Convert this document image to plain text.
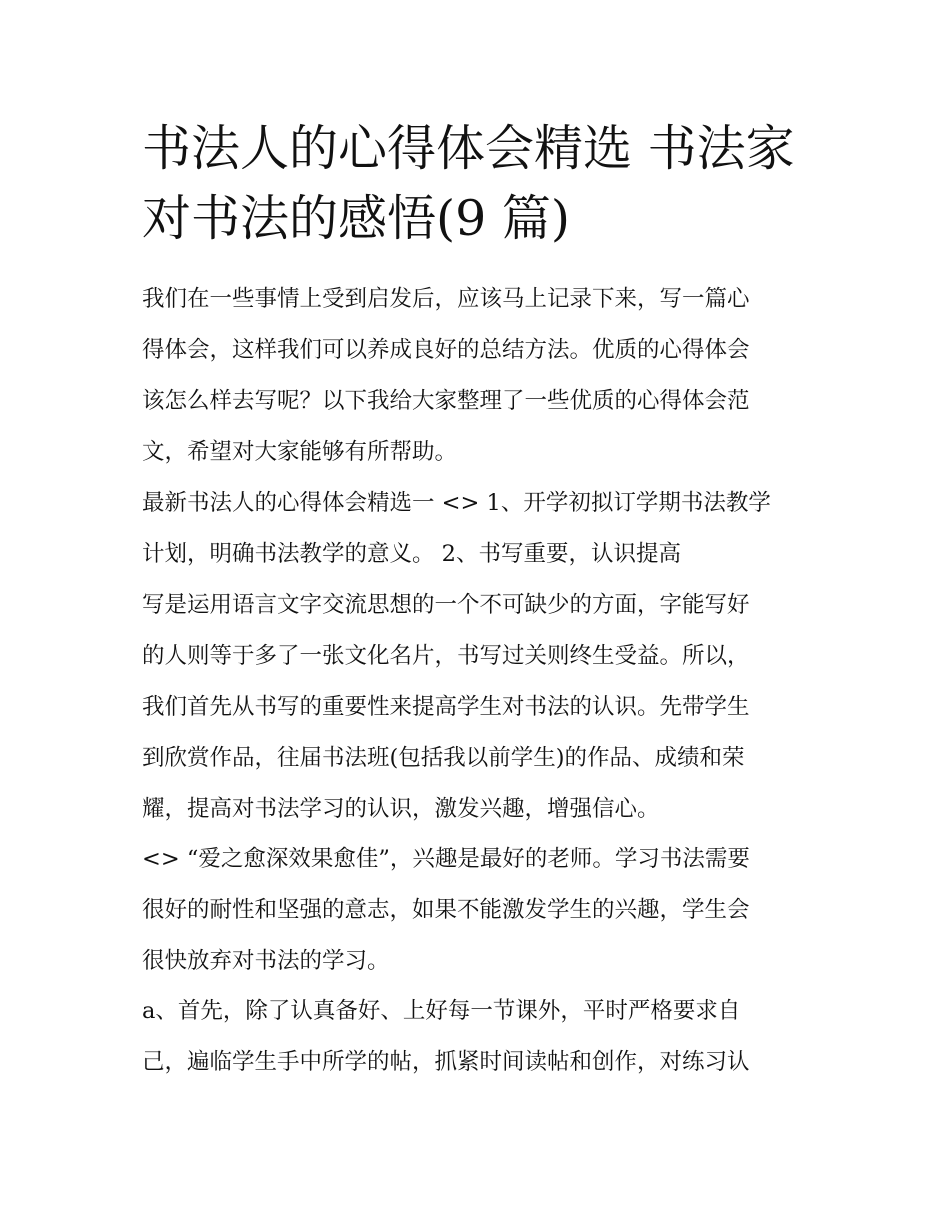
书法人的心得体会精选 书法家
对书法的感悟(9 篇)
我们在一些事情上受到启发后，应该马上记录下来，写一篇心
得体会，这样我们可以养成良好的总结方法。优质的心得体会
该怎么样去写呢？以下我给大家整理了一些优质的心得体会范
文，希望对大家能够有所帮助。
最新书法人的心得体会精选一 <> 1、开学初拟订学期书法教学
计划，明确书法教学的意义。 2、书写重要，认识提高
写是运用语言文字交流思想的一个不可缺少的方面，字能写好
的人则等于多了一张文化名片，书写过关则终生受益。所以，
我们首先从书写的重要性来提高学生对书法的认识。先带学生
到欣赏作品，往届书法班(包括我以前学生)的作品、成绩和荣
耀，提高对书法学习的认识，激发兴趣，增强信心。
<> “爱之愈深效果愈佳”，兴趣是最好的老师。学习书法需要
很好的耐性和坚强的意志，如果不能激发学生的兴趣，学生会
很快放弃对书法的学习。
a、首先，除了认真备好、上好每一节课外，平时严格要求自
己，遍临学生手中所学的帖，抓紧时间读帖和创作，对练习认
